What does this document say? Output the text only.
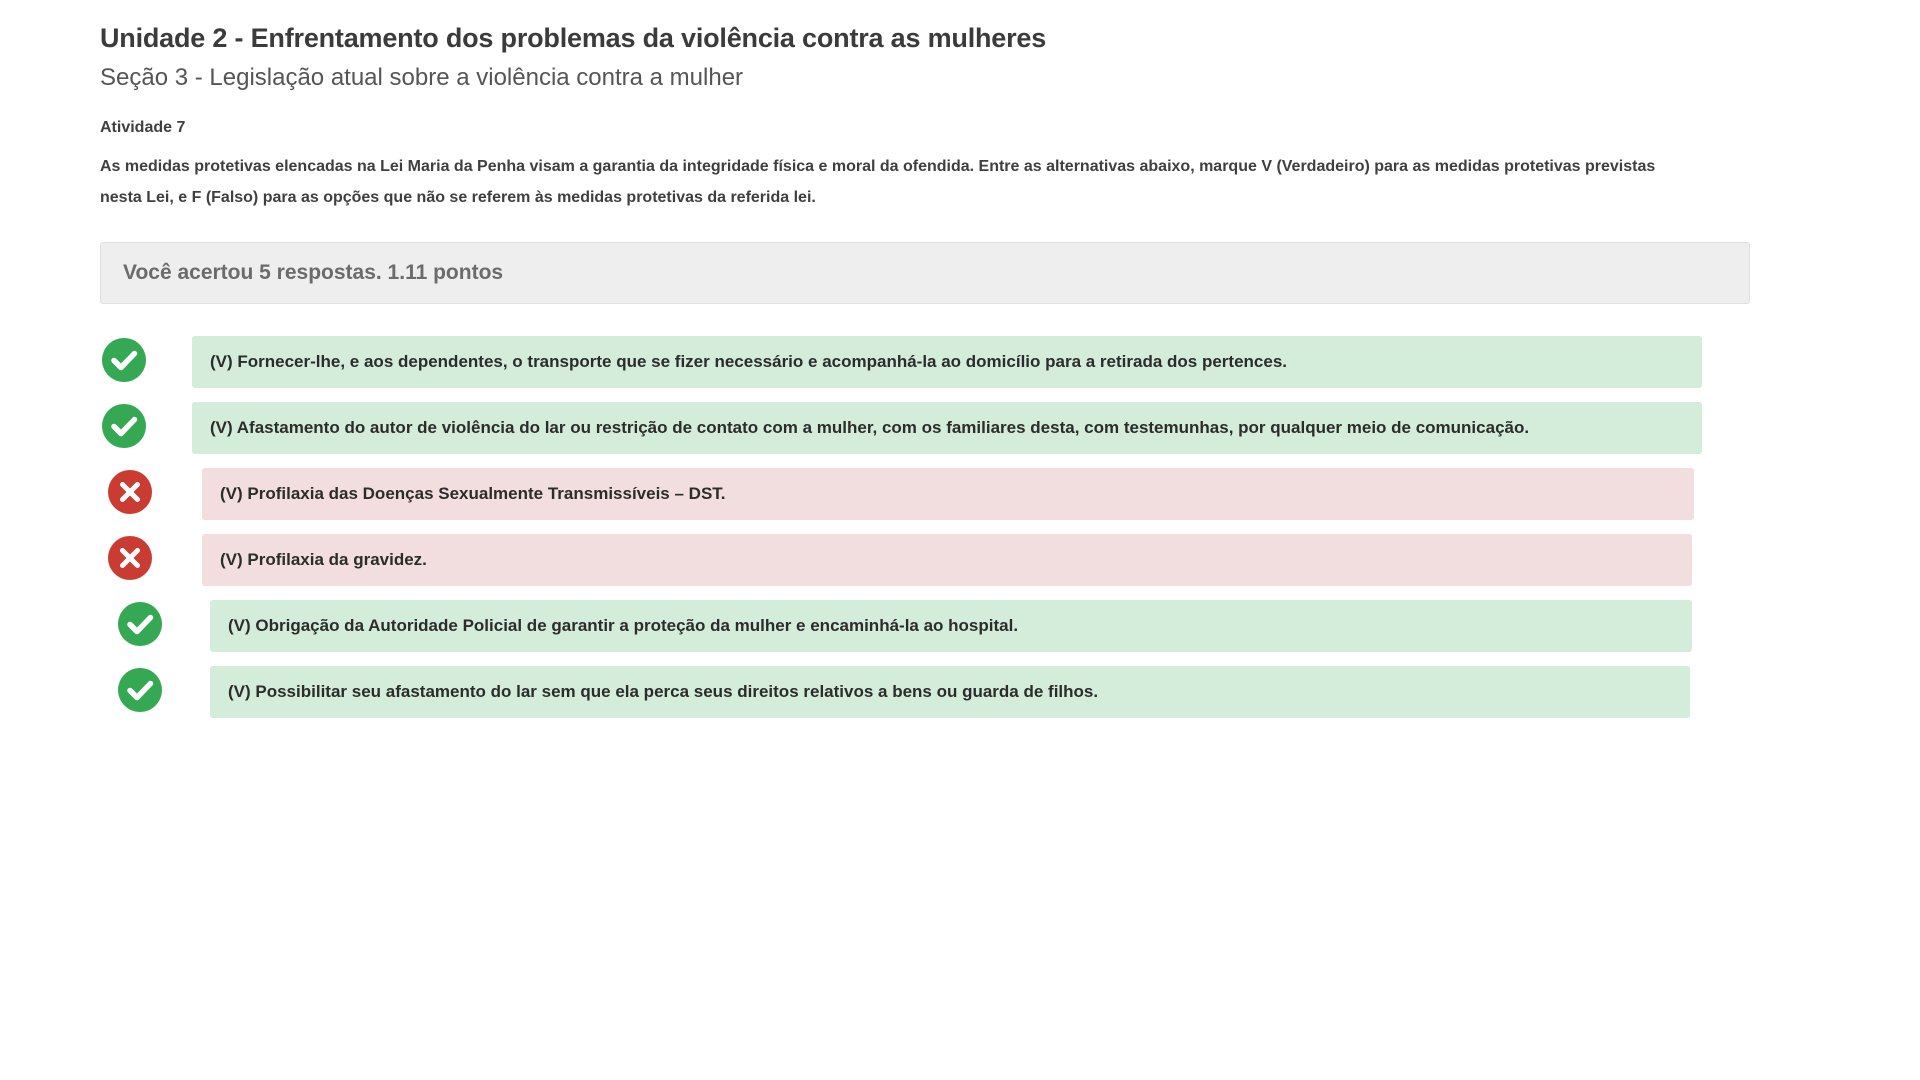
Unidade 2 - Enfrentamento dos problemas da violência contra as mulheres
Seção 3 - Legislação atual sobre a violência contra a mulher
Atividade 7
As medidas protetivas elencadas na Lei Maria da Penha visam a garantia da integridade física e moral da ofendida. Entre as alternativas abaixo, marque V (Verdadeiro) para as medidas protetivas previstas nesta Lei, e F (Falso) para as opções que não se referem às medidas protetivas da referida lei.
Você acertou 5 respostas. 1.11 pontos
(V) Fornecer-lhe, e aos dependentes, o transporte que se fizer necessário e acompanhá-la ao domicílio para a retirada dos pertences.
(V) Afastamento do autor de violência do lar ou restrição de contato com a mulher, com os familiares desta, com testemunhas, por qualquer meio de comunicação.
(V) Profilaxia das Doenças Sexualmente Transmissíveis – DST.
(V) Profilaxia da gravidez.
(V) Obrigação da Autoridade Policial de garantir a proteção da mulher e encaminhá-la ao hospital.
(V) Possibilitar seu afastamento do lar sem que ela perca seus direitos relativos a bens ou guarda de filhos.
